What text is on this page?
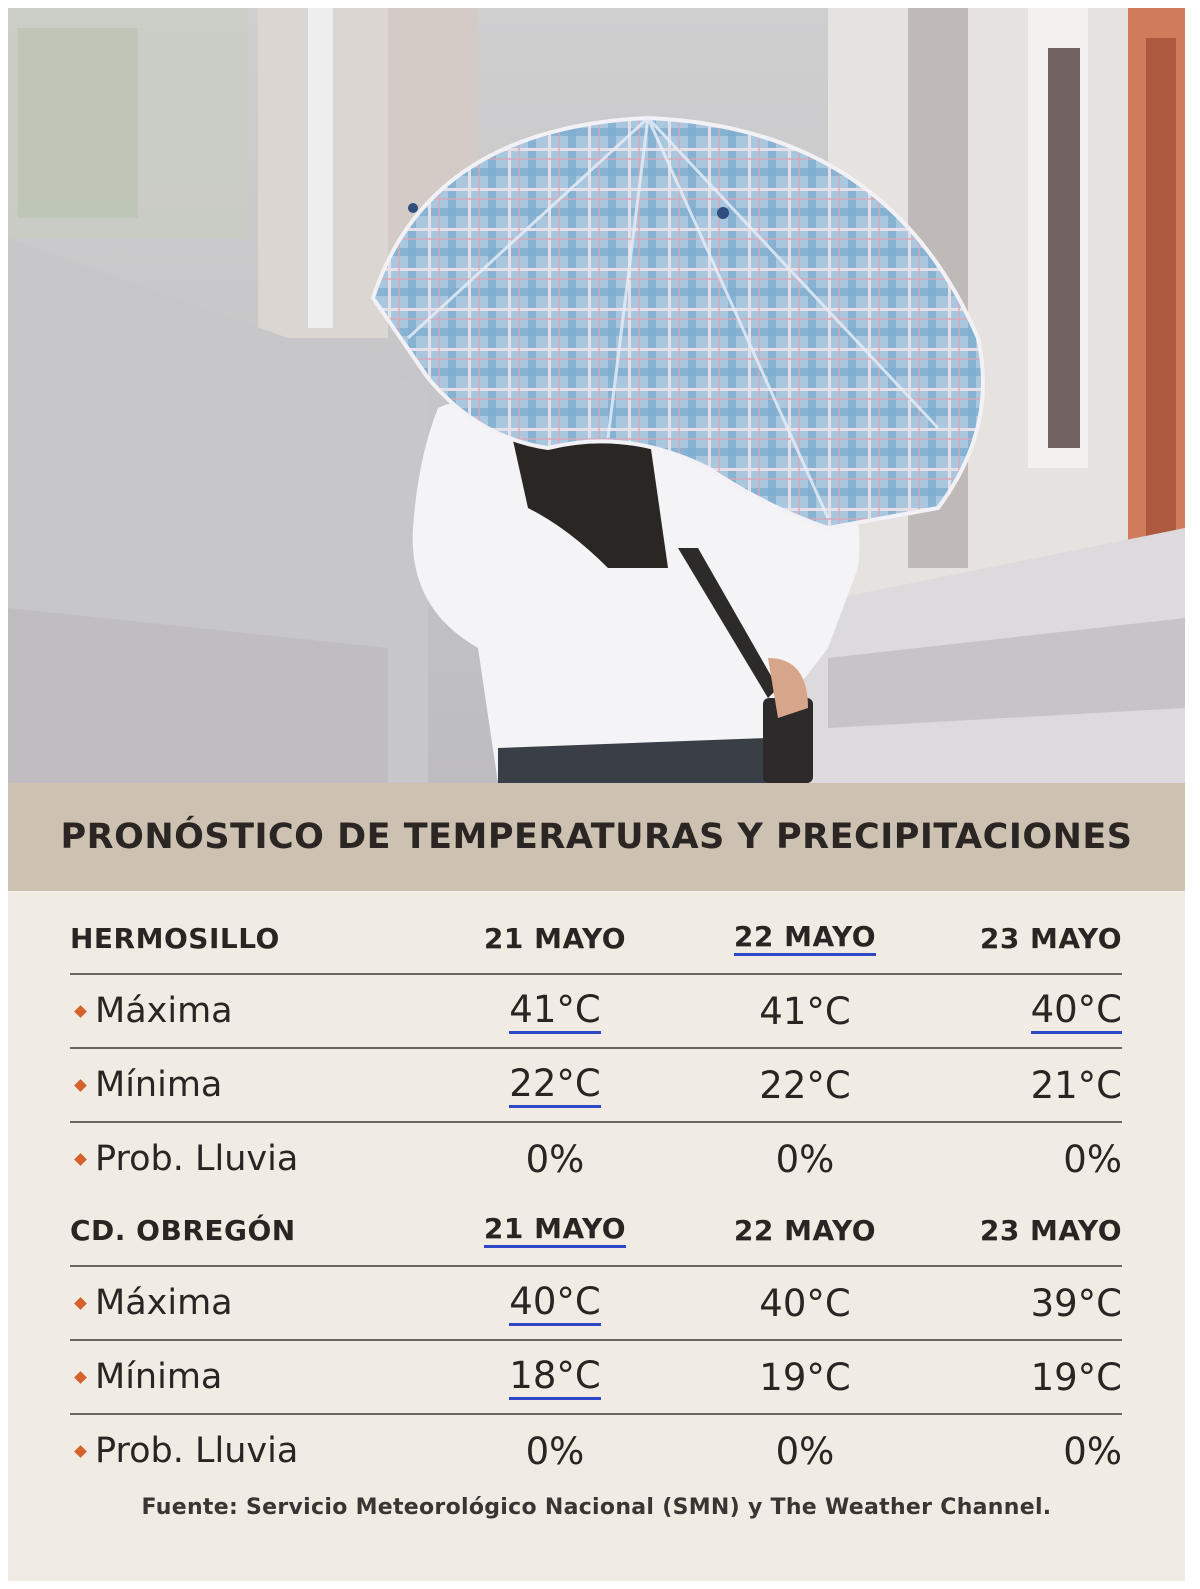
PRONÓSTICO DE TEMPERATURAS Y PRECIPITACIONES
HERMOSILLO	21 MAYO	22 MAYO	23 MAYO
Máxima	41°C	41°C	40°C
Mínima	22°C	22°C	21°C
Prob. Lluvia	0%	0%	0%
CD. OBREGÓN	21 MAYO	22 MAYO	23 MAYO
Máxima	40°C	40°C	39°C
Mínima	18°C	19°C	19°C
Prob. Lluvia	0%	0%	0%
Fuente: Servicio Meteorológico Nacional (SMN) y The Weather Channel.
